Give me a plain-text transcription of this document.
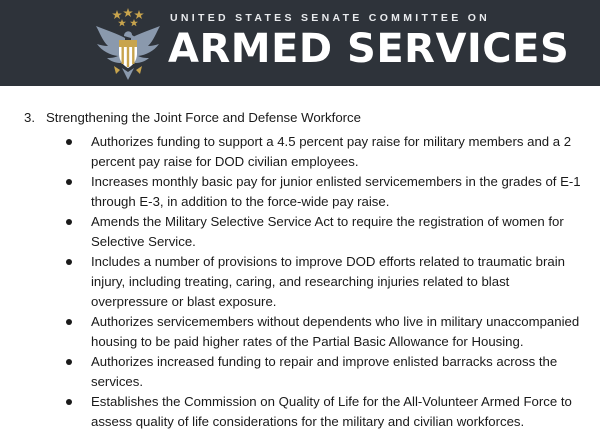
UNITED STATES SENATE COMMITTEE ON
ARMED SERVICES
3. Strengthening the Joint Force and Defense Workforce
Authorizes funding to support a 4.5 percent pay raise for military members and a 2
percent pay raise for DOD civilian employees.
Increases monthly basic pay for junior enlisted servicemembers in the grades of E-1
through E-3, in addition to the force-wide pay raise.
Amends the Military Selective Service Act to require the registration of women for
Selective Service.
Includes a number of provisions to improve DOD efforts related to traumatic brain
injury, including treating, caring, and researching injuries related to blast
overpressure or blast exposure.
Authorizes servicemembers without dependents who live in military unaccompanied
housing to be paid higher rates of the Partial Basic Allowance for Housing.
Authorizes increased funding to repair and improve enlisted barracks across the
services.
Establishes the Commission on Quality of Life for the All-Volunteer Armed Force to
assess quality of life considerations for the military and civilian workforces.
